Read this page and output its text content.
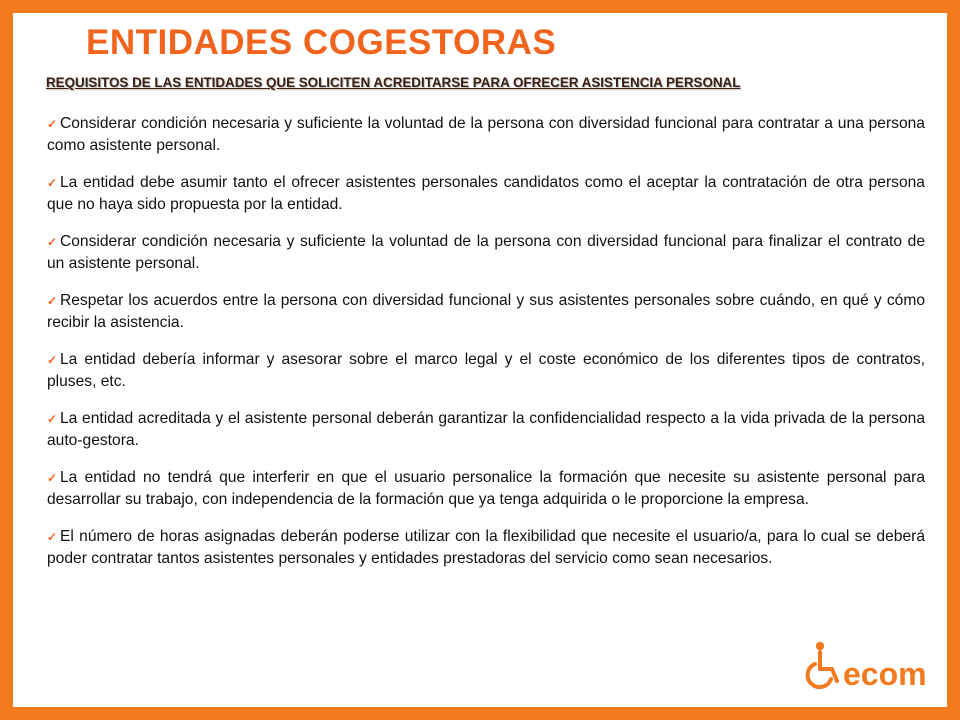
ENTIDADES COGESTORAS
REQUISITOS DE LAS ENTIDADES QUE SOLICITEN ACREDITARSE PARA OFRECER ASISTENCIA PERSONAL
✓ Considerar condición necesaria y suficiente la voluntad de la persona con diversidad funcional para contratar a una persona como asistente personal.
✓ La entidad debe asumir tanto el ofrecer asistentes personales candidatos como el aceptar la contratación de otra persona que no haya sido propuesta por la entidad.
✓ Considerar condición necesaria y suficiente la voluntad de la persona con diversidad funcional para finalizar el contrato de un asistente personal.
✓ Respetar los acuerdos entre la persona con diversidad funcional y sus asistentes personales sobre cuándo, en qué y cómo recibir la asistencia.
✓ La entidad debería informar y asesorar sobre el marco legal y el coste económico de los diferentes tipos de contratos, pluses, etc.
✓ La entidad acreditada y el asistente personal deberán garantizar la confidencialidad respecto a la vida privada de la persona auto-gestora.
✓ La entidad no tendrá que interferir en que el usuario personalice la formación que necesite su asistente personal para desarrollar su trabajo, con independencia de la formación que ya tenga adquirida o le proporcione la empresa.
✓ El número de horas asignadas deberán poderse utilizar con la flexibilidad que necesite el usuario/a, para lo cual se deberá poder contratar tantos asistentes personales y entidades prestadoras del servicio como sean necesarios.
ecom
